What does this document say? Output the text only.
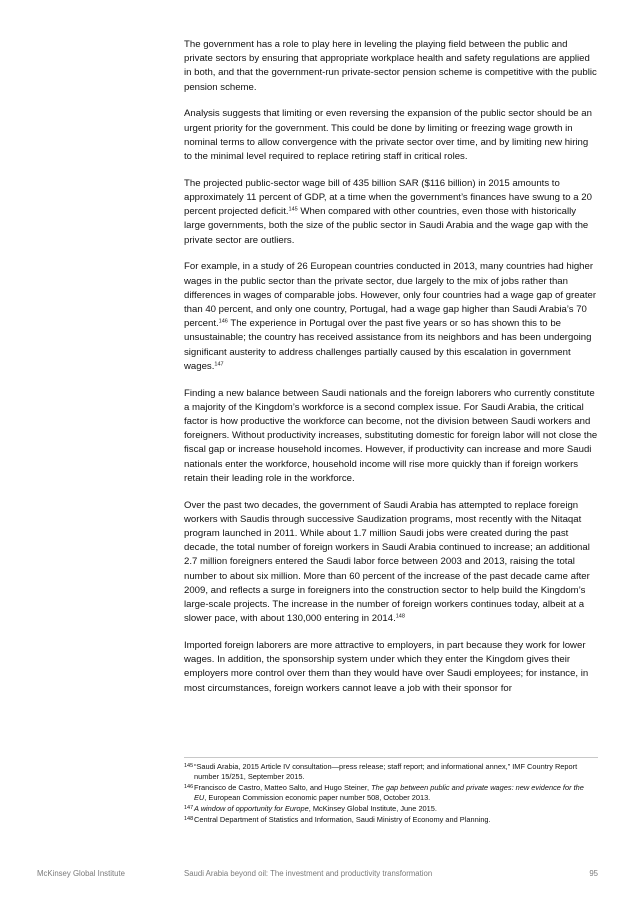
The government has a role to play here in leveling the playing field between the public and private sectors by ensuring that appropriate workplace health and safety regulations are applied in both, and that the government-run private-sector pension scheme is competitive with the public pension scheme.

Analysis suggests that limiting or even reversing the expansion of the public sector should be an urgent priority for the government. This could be done by limiting or freezing wage growth in nominal terms to allow convergence with the private sector over time, and by limiting new hiring to the minimal level required to replace retiring staff in critical roles.

The projected public-sector wage bill of 435 billion SAR ($116 billion) in 2015 amounts to approximately 11 percent of GDP, at a time when the government’s finances have swung to a 20 percent projected deficit.$^{145}$ When compared with other countries, even those with historically large governments, both the size of the public sector in Saudi Arabia and the wage gap with the private sector are outliers.

For example, in a study of 26 European countries conducted in 2013, many countries had higher wages in the public sector than the private sector, due largely to the mix of jobs rather than differences in wages of comparable jobs. However, only four countries had a wage gap of greater than 40 percent, and only one country, Portugal, had a wage gap higher than Saudi Arabia’s 70 percent.$^{146}$ The experience in Portugal over the past five years or so has shown this to be unsustainable; the country has received assistance from its neighbors and has been undergoing significant austerity to address challenges partially caused by this escalation in government wages.$^{147}$

Finding a new balance between Saudi nationals and the foreign laborers who currently constitute a majority of the Kingdom’s workforce is a second complex issue. For Saudi Arabia, the critical factor is how productive the workforce can become, not the division between Saudi workers and foreigners. Without productivity increases, substituting domestic for foreign labor will not close the fiscal gap or increase household incomes. However, if productivity can increase and more Saudi nationals enter the workforce, household income will rise more quickly than if foreign workers retain their leading role in the workforce.

Over the past two decades, the government of Saudi Arabia has attempted to replace foreign workers with Saudis through successive Saudization programs, most recently with the Nitaqat program launched in 2011. While about 1.7 million Saudi jobs were created during the past decade, the total number of foreign workers in Saudi Arabia continued to increase; an additional 2.7 million foreigners entered the Saudi labor force between 2003 and 2013, raising the total number to about six million. More than 60 percent of the increase of the past decade came after 2009, and reflects a surge in foreigners into the construction sector to help build the Kingdom’s large-scale projects. The increase in the number of foreign workers continues today, albeit at a slower pace, with about 130,000 entering in 2014.$^{148}$

Imported foreign laborers are more attractive to employers, in part because they work for lower wages. In addition, the sponsorship system under which they enter the Kingdom gives their employers more control over them than they would have over Saudi employees; for instance, in most circumstances, foreign workers cannot leave a job with their sponsor for

145 “Saudi Arabia, 2015 Article IV consultation—press release; staff report; and informational annex,” IMF Country Report number 15/251, September 2015.
146 Francisco de Castro, Matteo Salto, and Hugo Steiner, The gap between public and private wages: new evidence for the EU, European Commission economic paper number 508, October 2013.
147 A window of opportunity for Europe, McKinsey Global Institute, June 2015.
148 Central Department of Statistics and Information, Saudi Ministry of Economy and Planning.
McKinsey Global Institute	Saudi Arabia beyond oil: The investment and productivity transformation	95
